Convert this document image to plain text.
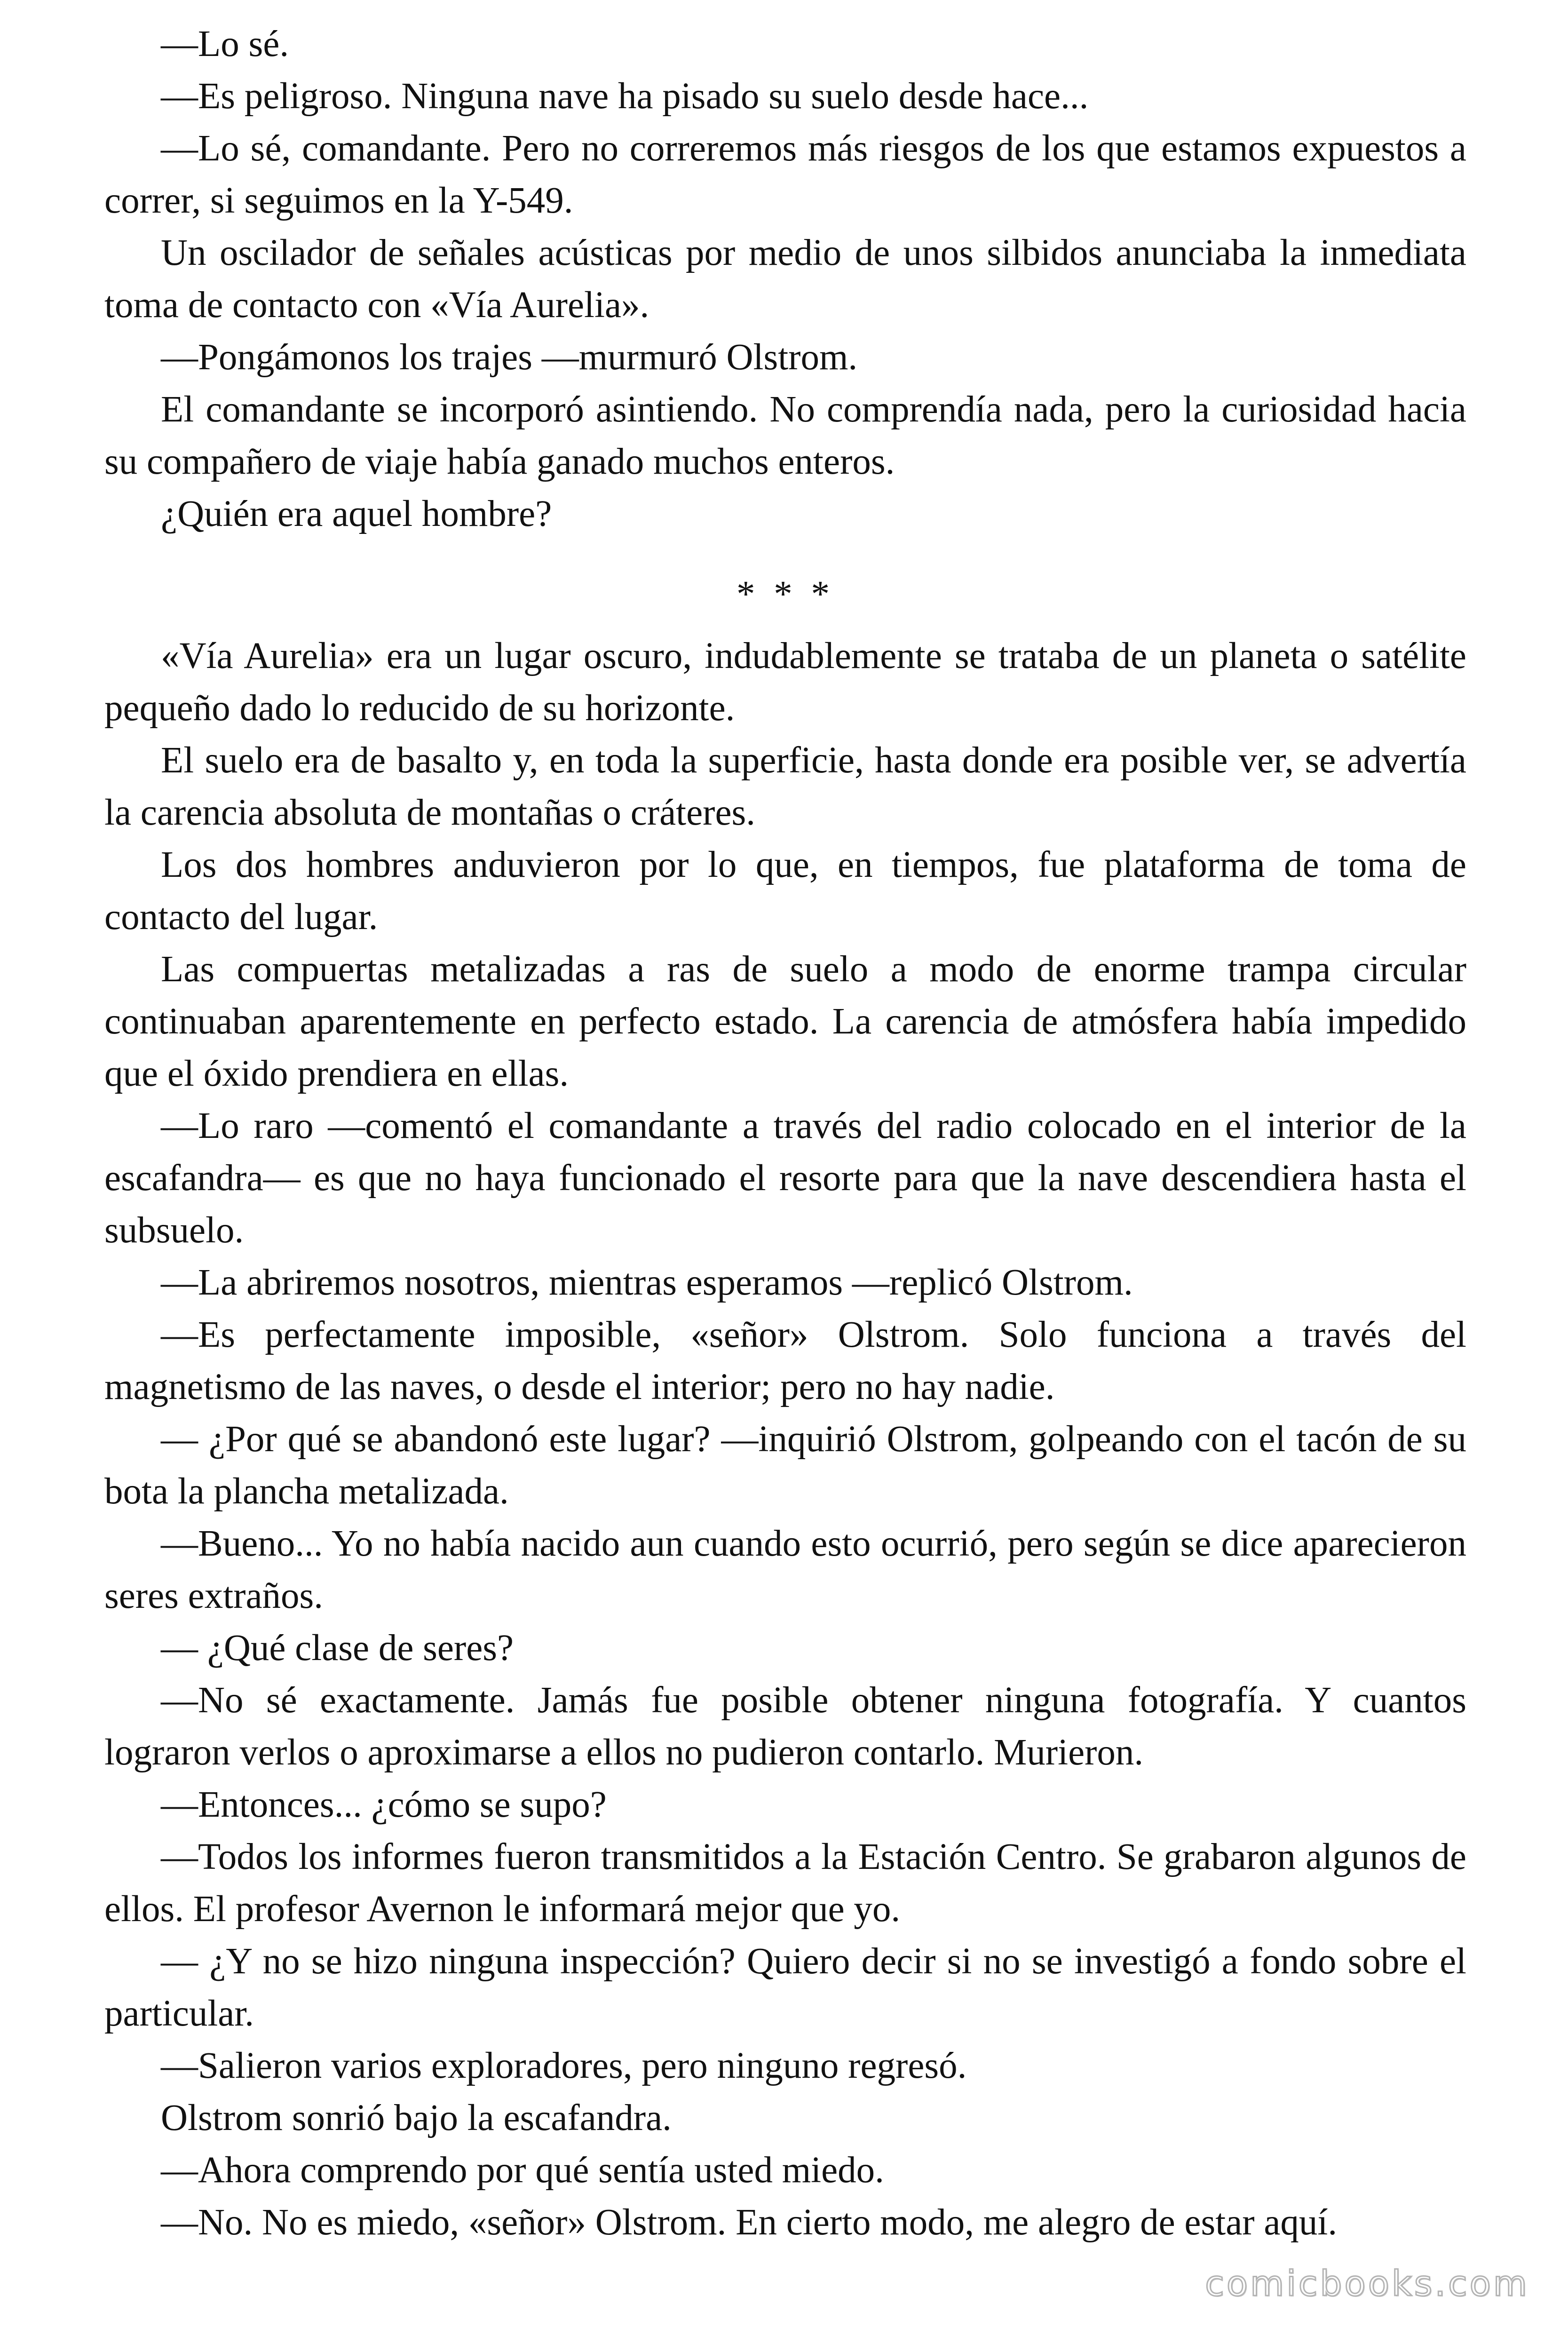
—Lo sé.

—Es peligroso. Ninguna nave ha pisado su suelo desde hace...

—Lo sé, comandante. Pero no correremos más riesgos de los que estamos expuestos a correr, si seguimos en la Y-549.

Un oscilador de señales acústicas por medio de unos silbidos anunciaba la inmediata toma de contacto con «Vía Aurelia».

—Pongámonos los trajes —murmuró Olstrom.

El comandante se incorporó asintiendo. No comprendía nada, pero la curiosidad hacia su compañero de viaje había ganado muchos enteros.

¿Quién era aquel hombre?

* * *

«Vía Aurelia» era un lugar oscuro, indudablemente se trataba de un planeta o satélite pequeño dado lo reducido de su horizonte.

El suelo era de basalto y, en toda la superficie, hasta donde era posible ver, se advertía la carencia absoluta de montañas o cráteres.

Los dos hombres anduvieron por lo que, en tiempos, fue plataforma de toma de contacto del lugar.

Las compuertas metalizadas a ras de suelo a modo de enorme trampa circular continuaban aparentemente en perfecto estado. La carencia de atmósfera había impedido que el óxido prendiera en ellas.

—Lo raro —comentó el comandante a través del radio colocado en el interior de la escafandra— es que no haya funcionado el resorte para que la nave descendiera hasta el subsuelo.

—La abriremos nosotros, mientras esperamos —replicó Olstrom.

—Es perfectamente imposible, «señor» Olstrom. Solo funciona a través del magnetismo de las naves, o desde el interior; pero no hay nadie.

— ¿Por qué se abandonó este lugar? —inquirió Olstrom, golpeando con el tacón de su bota la plancha metalizada.

—Bueno... Yo no había nacido aun cuando esto ocurrió, pero según se dice aparecieron seres extraños.

— ¿Qué clase de seres?

—No sé exactamente. Jamás fue posible obtener ninguna fotografía. Y cuantos lograron verlos o aproximarse a ellos no pudieron contarlo. Murieron.

—Entonces... ¿cómo se supo?

—Todos los informes fueron transmitidos a la Estación Centro. Se grabaron algunos de ellos. El profesor Avernon le informará mejor que yo.

— ¿Y no se hizo ninguna inspección? Quiero decir si no se investigó a fondo sobre el particular.

—Salieron varios exploradores, pero ninguno regresó.

Olstrom sonrió bajo la escafandra.

—Ahora comprendo por qué sentía usted miedo.

—No. No es miedo, «señor» Olstrom. En cierto modo, me alegro de estar aquí.

comicbooks.com
